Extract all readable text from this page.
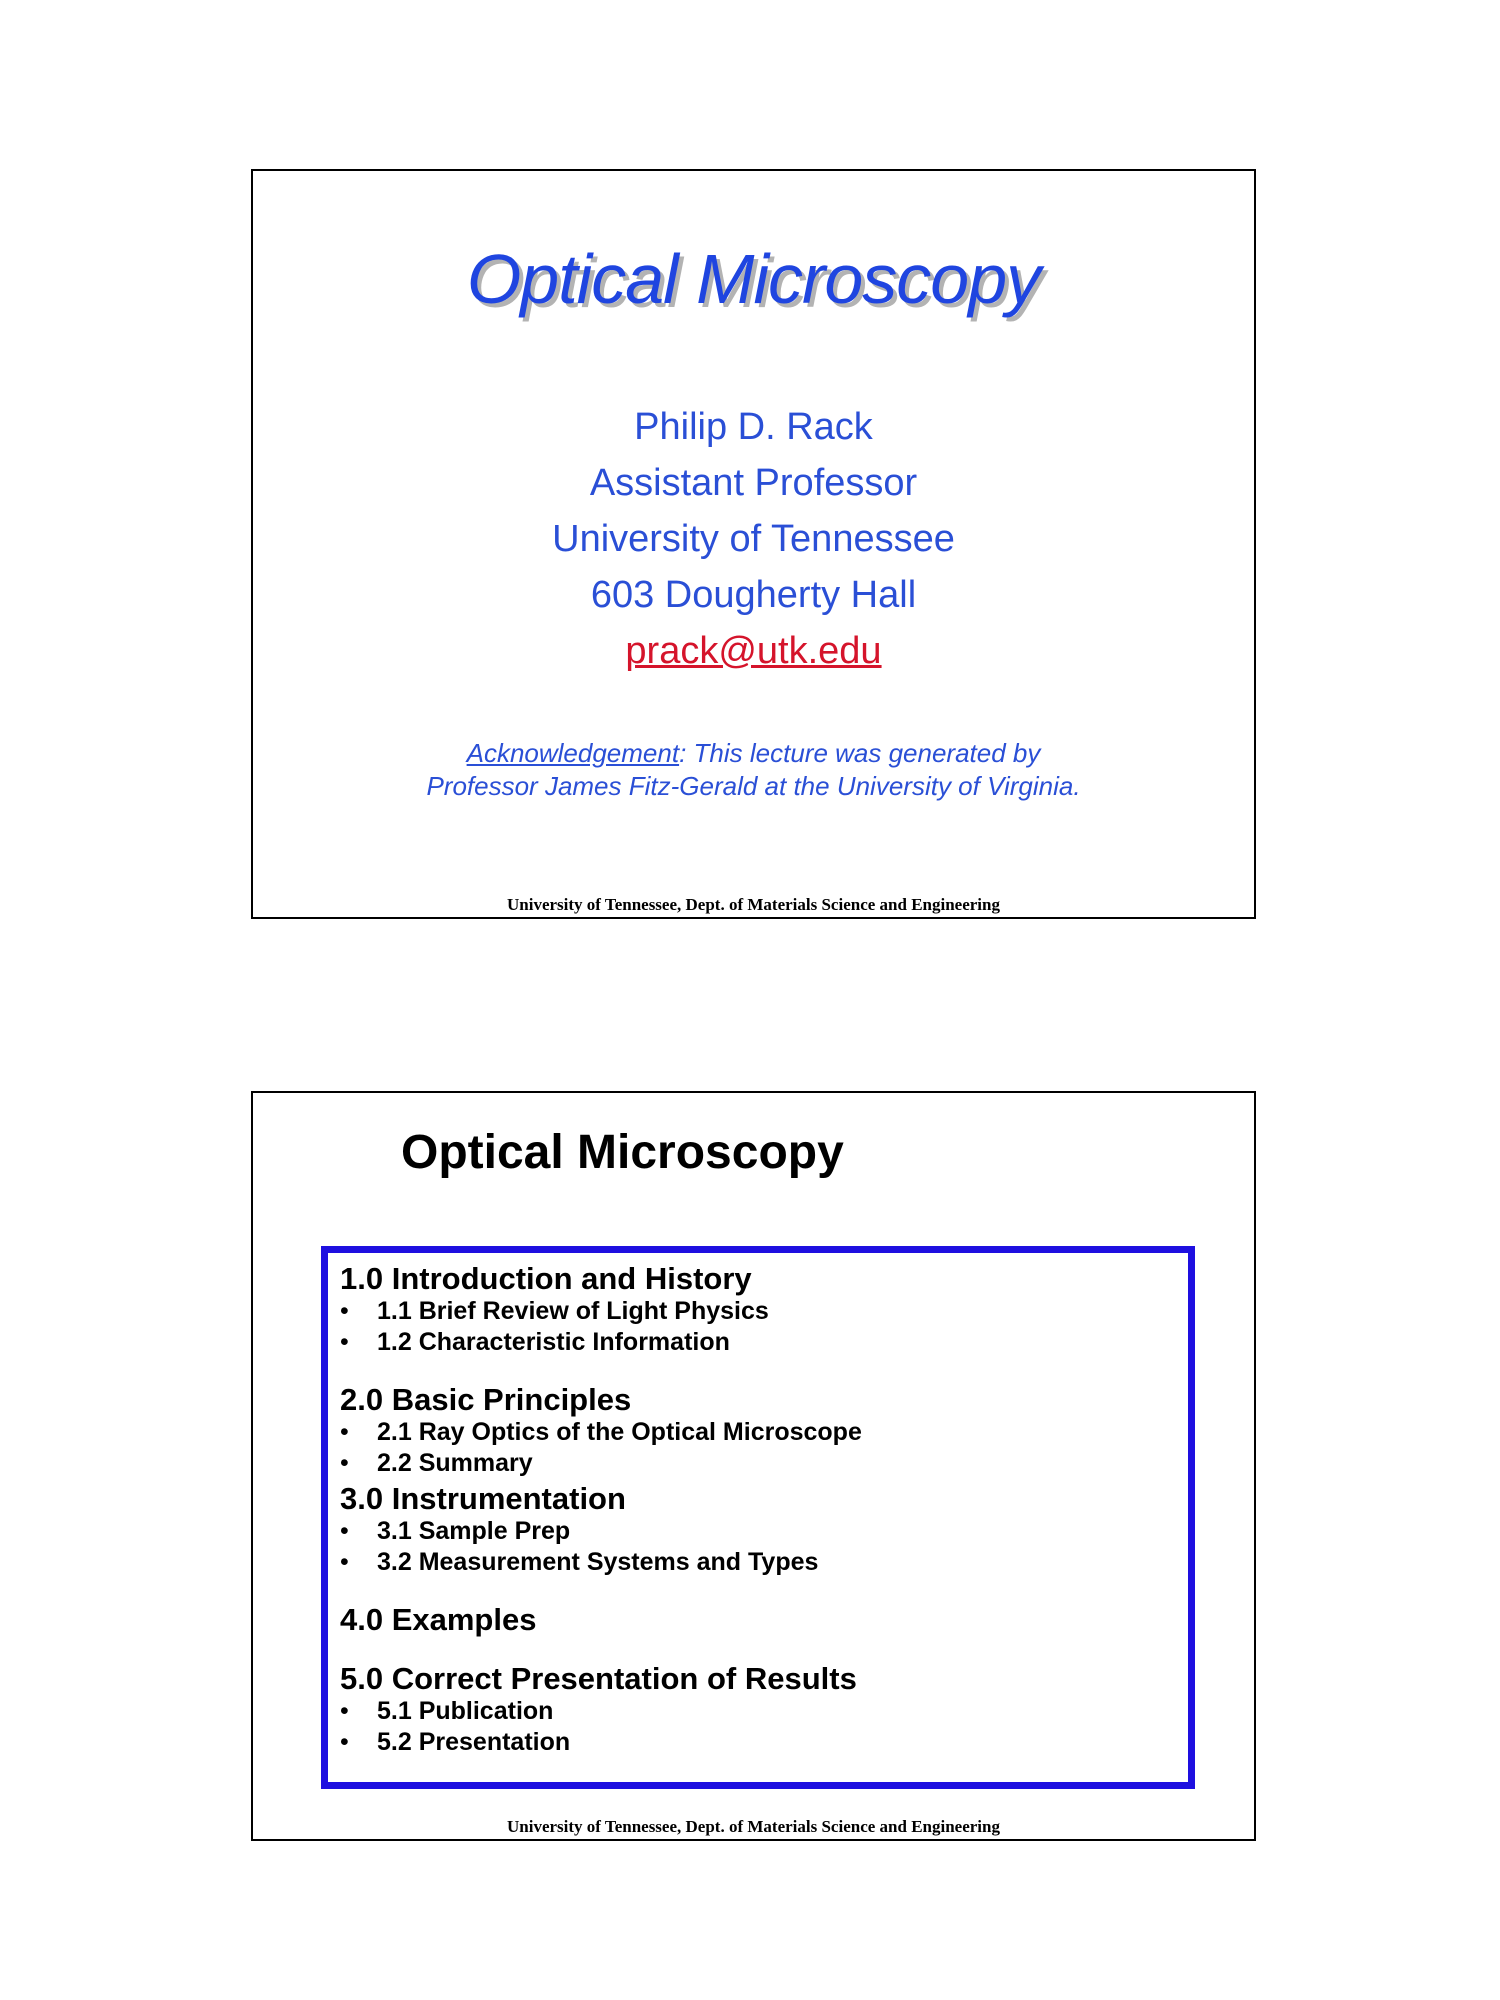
Optical Microscopy
Philip D. Rack
Assistant Professor
University of Tennessee
603 Dougherty Hall
prack@utk.edu
Acknowledgement: This lecture was generated by
Professor James Fitz-Gerald at the University of Virginia.
University of Tennessee, Dept. of Materials Science and Engineering
Optical Microscopy
1.0 Introduction and History
• 1.1 Brief Review of Light Physics
• 1.2 Characteristic Information
2.0 Basic Principles
• 2.1 Ray Optics of the Optical Microscope
• 2.2 Summary
3.0 Instrumentation
• 3.1 Sample Prep
• 3.2 Measurement Systems and Types
4.0 Examples
5.0 Correct Presentation of Results
• 5.1 Publication
• 5.2 Presentation
University of Tennessee, Dept. of Materials Science and Engineering
